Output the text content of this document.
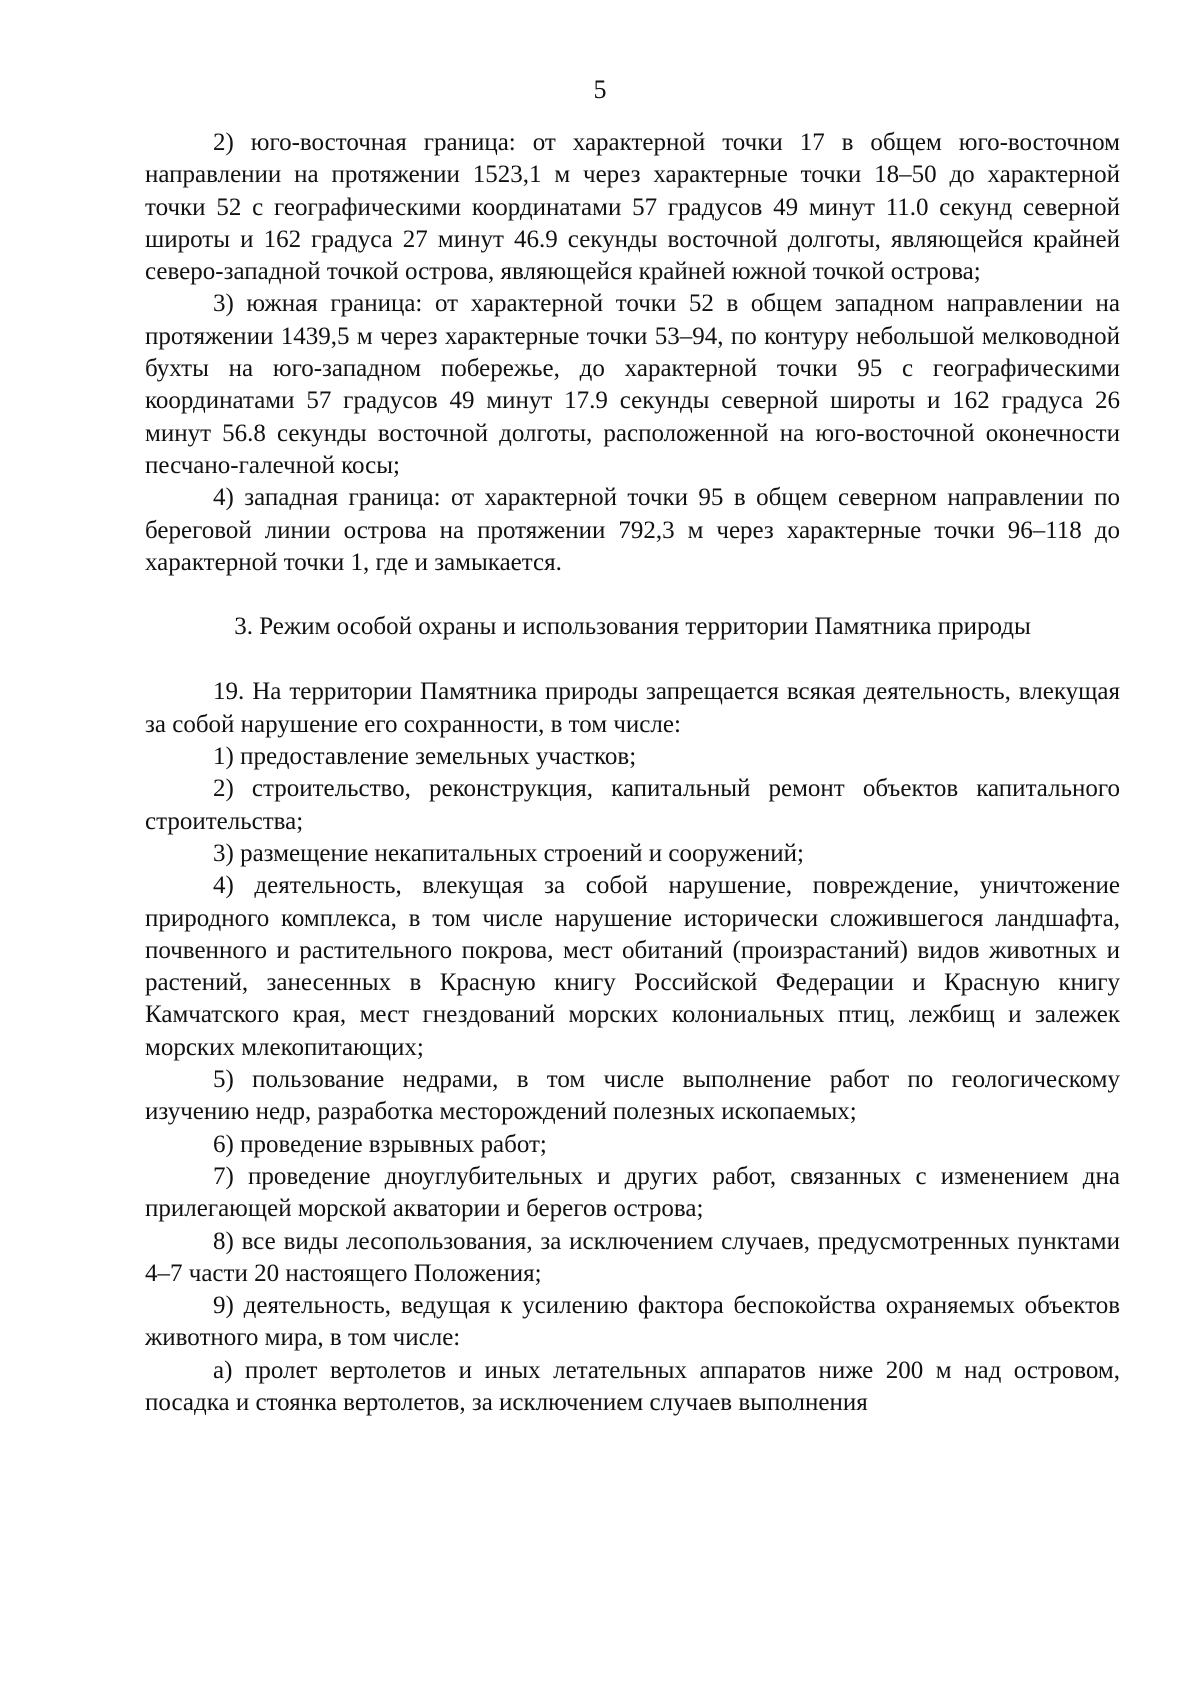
5

2) юго-восточная граница: от характерной точки 17 в общем юго-восточном направлении на протяжении 1523,1 м через характерные точки 18–50 до характерной точки 52 с географическими координатами 57 градусов 49 минут 11.0 секунд северной широты и 162 градуса 27 минут 46.9 секунды восточной долготы, являющейся крайней северо-западной точкой острова, являющейся крайней южной точкой острова;

3) южная граница: от характерной точки 52 в общем западном направлении на протяжении 1439,5 м через характерные точки 53–94, по контуру небольшой мелководной бухты на юго-западном побережье, до характерной точки 95 с географическими координатами 57 градусов 49 минут 17.9 секунды северной широты и 162 градуса 26 минут 56.8 секунды восточной долготы, расположенной на юго-восточной оконечности песчано-галечной косы;

4) западная граница: от характерной точки 95 в общем северном направлении по береговой линии острова на протяжении 792,3 м через характерные точки 96–118 до характерной точки 1, где и замыкается.

3. Режим особой охраны и использования территории Памятника природы

19. На территории Памятника природы запрещается всякая деятельность, влекущая за собой нарушение его сохранности, в том числе:

1) предоставление земельных участков;

2) строительство, реконструкция, капитальный ремонт объектов капитального строительства;

3) размещение некапитальных строений и сооружений;

4) деятельность, влекущая за собой нарушение, повреждение, уничтожение природного комплекса, в том числе нарушение исторически сложившегося ландшафта, почвенного и растительного покрова, мест обитаний (произрастаний) видов животных и растений, занесенных в Красную книгу Российской Федерации и Красную книгу Камчатского края, мест гнездований морских колониальных птиц, лежбищ и залежек морских млекопитающих;

5) пользование недрами, в том числе выполнение работ по геологическому изучению недр, разработка месторождений полезных ископаемых;

6) проведение взрывных работ;

7) проведение дноуглубительных и других работ, связанных с изменением дна прилегающей морской акватории и берегов острова;

8) все виды лесопользования, за исключением случаев, предусмотренных пунктами 4–7 части 20 настоящего Положения;

9) деятельность, ведущая к усилению фактора беспокойства охраняемых объектов животного мира, в том числе:

а) пролет вертолетов и иных летательных аппаратов ниже 200 м над островом, посадка и стоянка вертолетов, за исключением случаев выполнения
